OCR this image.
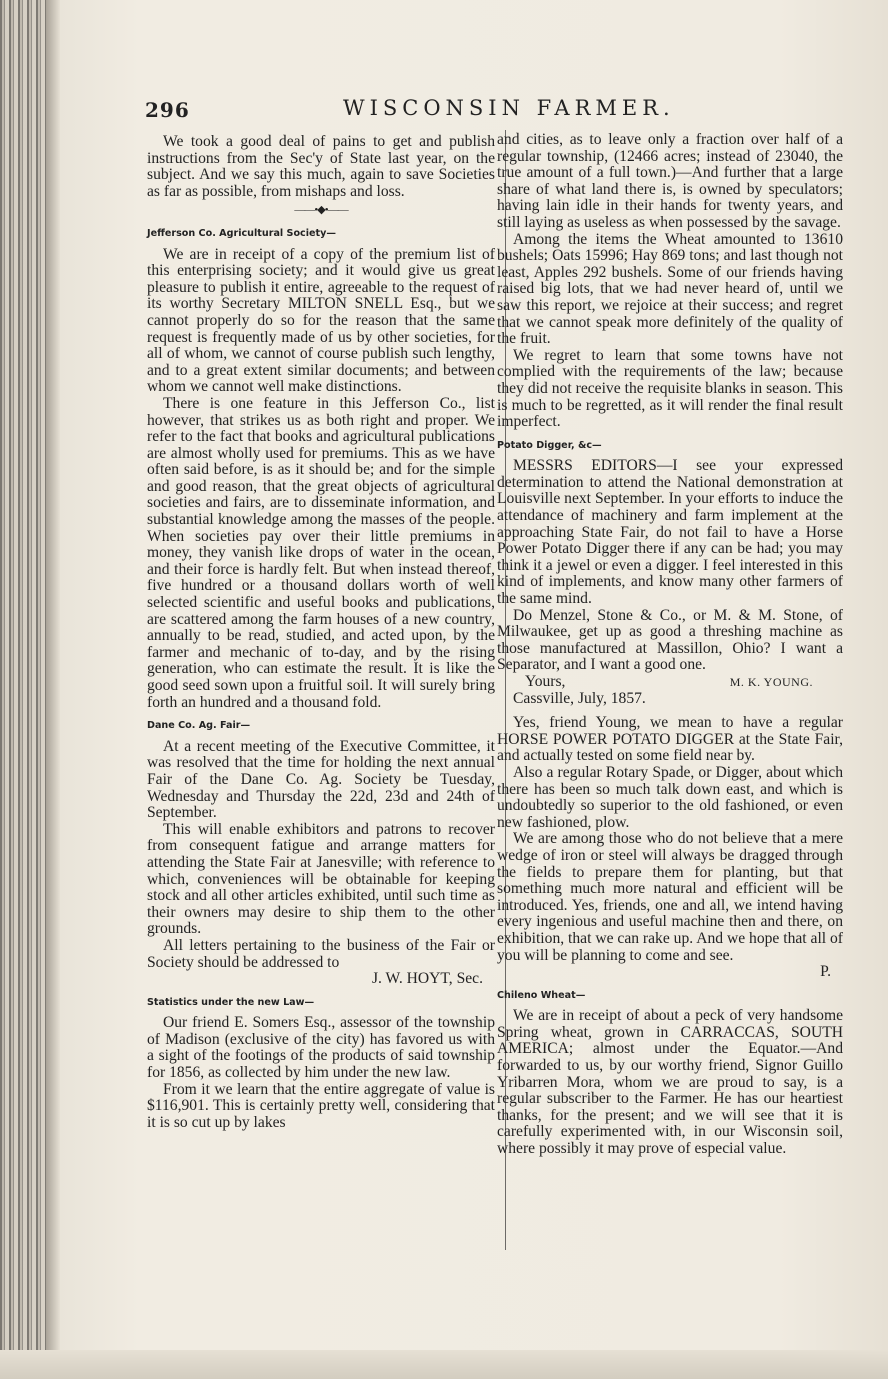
296	WISCONSIN FARMER.

We took a good deal of pains to get and publish instructions from the Sec'y of State last year, on the subject. And we say this much, again to save Societies as far as possible, from mishaps and loss.

——•◆•——
Jefferson Co. Agricultural Society—

We are in receipt of a copy of the premium list of this enterprising society; and it would give us great pleasure to publish it entire, agreeable to the request of its worthy Secretary MILTON SNELL Esq., but we cannot properly do so for the reason that the same request is frequently made of us by other societies, for all of whom, we cannot of course publish such lengthy, and to a great extent similar documents; and between whom we cannot well make distinctions.

There is one feature in this Jefferson Co., list however, that strikes us as both right and proper. We refer to the fact that books and agricultural publications are almost wholly used for premiums. This as we have often said before, is as it should be; and for the simple and good reason, that the great objects of agricultural societies and fairs, are to disseminate information, and substantial knowledge among the masses of the people. When societies pay over their little premiums in money, they vanish like drops of water in the ocean, and their force is hardly felt. But when instead thereof, five hundred or a thousand dollars worth of well selected scientific and useful books and publications, are scattered among the farm houses of a new country, annually to be read, studied, and acted upon, by the farmer and mechanic of to-day, and by the rising generation, who can estimate the result. It is like the good seed sown upon a fruitful soil. It will surely bring forth an hundred and a thousand fold.

Dane Co. Ag. Fair—

At a recent meeting of the Executive Committee, it was resolved that the time for holding the next annual Fair of the Dane Co. Ag. Society be Tuesday, Wednesday and Thursday the 22d, 23d and 24th of September.

This will enable exhibitors and patrons to recover from consequent fatigue and arrange matters for attending the State Fair at Janesville; with reference to which, conveniences will be obtainable for keeping stock and all other articles exhibited, until such time as their owners may desire to ship them to the other grounds.

All letters pertaining to the business of the Fair or Society should be addressed to

J. W. HOYT, Sec.
Statistics under the new Law—

Our friend E. Somers Esq., assessor of the township of Madison (exclusive of the city) has favored us with a sight of the footings of the products of said township for 1856, as collected by him under the new law.

From it we learn that the entire aggregate of value is $116,901. This is certainly pretty well, considering that it is so cut up by lakes

and cities, as to leave only a fraction over half of a regular township, (12466 acres; instead of 23040, the true amount of a full town.)—And further that a large share of what land there is, is owned by speculators; having lain idle in their hands for twenty years, and still laying as useless as when possessed by the savage.

Among the items the Wheat amounted to 13610 bushels; Oats 15996; Hay 869 tons; and last though not least, Apples 292 bushels. Some of our friends having raised big lots, that we had never heard of, until we saw this report, we rejoice at their success; and regret that we cannot speak more definitely of the quality of the fruit.

We regret to learn that some towns have not complied with the requirements of the law; because they did not receive the requisite blanks in season. This is much to be regretted, as it will render the final result imperfect.

Potato Digger, &c—

MESSRS EDITORS—I see your expressed determination to attend the National demonstration at Louisville next September. In your efforts to induce the attendance of machinery and farm implement at the approaching State Fair, do not fail to have a Horse Power Potato Digger there if any can be had; you may think it a jewel or even a digger. I feel interested in this kind of implements, and know many other farmers of the same mind.

Do Menzel, Stone & Co., or M. & M. Stone, of Milwaukee, get up as good a threshing machine as those manufactured at Massillon, Ohio? I want a Separator, and I want a good one.

Yours,	M. K. YOUNG.

Cassville, July, 1857.

Yes, friend Young, we mean to have a regular HORSE POWER POTATO DIGGER at the State Fair, and actually tested on some field near by.

Also a regular Rotary Spade, or Digger, about which there has been so much talk down east, and which is undoubtedly so superior to the old fashioned, or even new fashioned, plow.

We are among those who do not believe that a mere wedge of iron or steel will always be dragged through the fields to prepare them for planting, but that something much more natural and efficient will be introduced. Yes, friends, one and all, we intend having every ingenious and useful machine then and there, on exhibition, that we can rake up. And we hope that all of you will be planning to come and see.

P.
Chileno Wheat—

We are in receipt of about a peck of very handsome Spring wheat, grown in CARRACCAS, SOUTH AMERICA; almost under the Equator.—And forwarded to us, by our worthy friend, Signor Guillo Yribarren Mora, whom we are proud to say, is a regular subscriber to the Farmer. He has our heartiest thanks, for the present; and we will see that it is carefully experimented with, in our Wisconsin soil, where possibly it may prove of especial value.
